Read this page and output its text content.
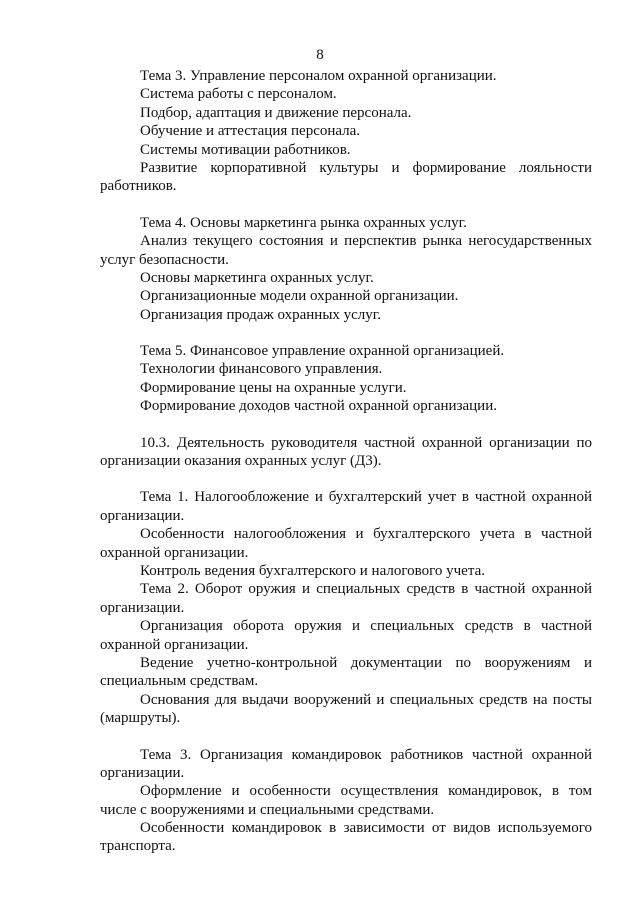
8
Тема 3. Управление персоналом охранной организации.
Система работы с персоналом.
Подбор, адаптация и движение персонала.
Обучение и аттестация персонала.
Системы мотивации работников.
Развитие корпоративной культуры и формирование лояльности
работников.
Тема 4. Основы маркетинга рынка охранных услуг.
Анализ текущего состояния и перспектив рынка негосударственных
услуг безопасности.
Основы маркетинга охранных услуг.
Организационные модели охранной организации.
Организация продаж охранных услуг.
Тема 5. Финансовое управление охранной организацией.
Технологии финансового управления.
Формирование цены на охранные услуги.
Формирование доходов частной охранной организации.
10.3. Деятельность руководителя частной охранной организации по
организации оказания охранных услуг (Д3).
Тема 1. Налогообложение и бухгалтерский учет в частной охранной
организации.
Особенности налогообложения и бухгалтерского учета в частной
охранной организации.
Контроль ведения бухгалтерского и налогового учета.
Тема 2. Оборот оружия и специальных средств в частной охранной
организации.
Организация оборота оружия и специальных средств в частной
охранной организации.
Ведение учетно-контрольной документации по вооружениям и
специальным средствам.
Основания для выдачи вооружений и специальных средств на посты
(маршруты).
Тема 3. Организация командировок работников частной охранной
организации.
Оформление и особенности осуществления командировок, в том
числе с вооружениями и специальными средствами.
Особенности командировок в зависимости от видов используемого
транспорта.
